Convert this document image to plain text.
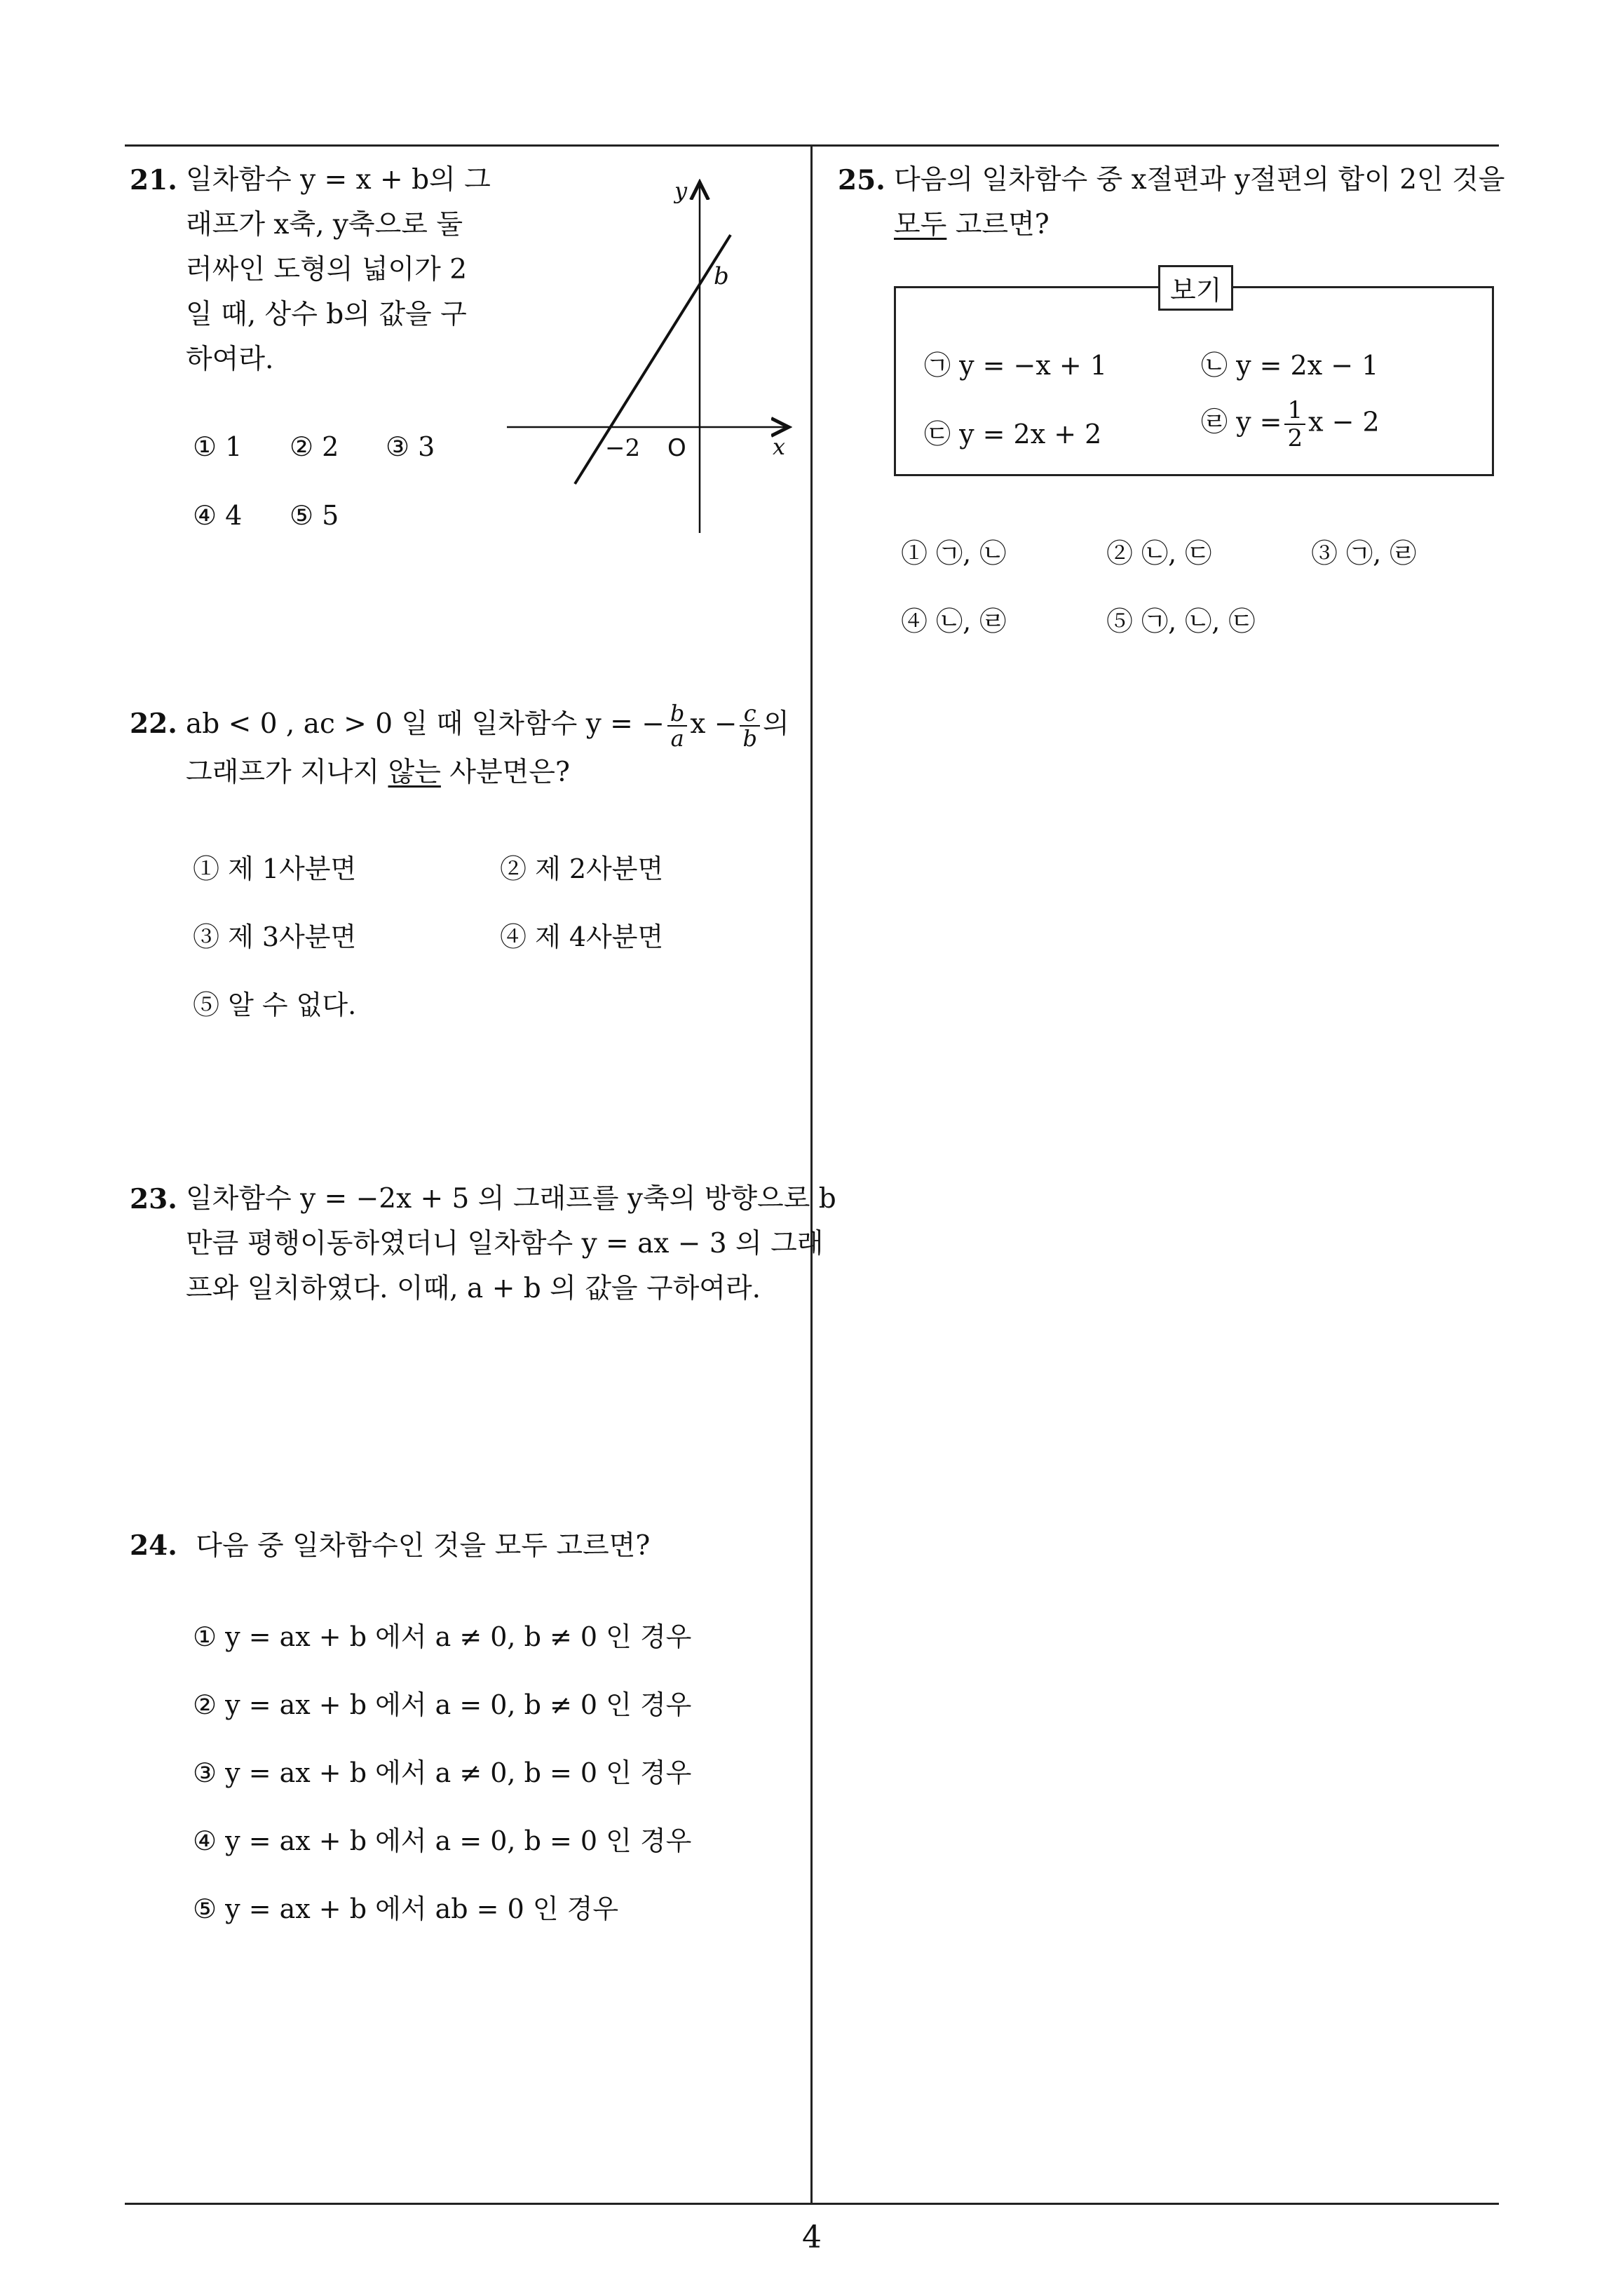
21. 일차함수 y = x + b의 그
래프가 x축, y축으로 둘
러싸인 도형의 넓이가 2
일 때, 상수 b의 값을 구
하여라.
① 1 ② 2 ③ 3
④ 4 ⑤ 5
y
x
b
−2 O
22. ab < 0 , ac > 0 일 때 일차함수 y = − $\frac{b}{a}$ $x - \frac{c}{b}$ 의
그래프가 지나지 않는 사분면은?
① 제 1사분면	② 제 2사분면
③ 제 3사분면	④ 제 4사분면
⑤ 알 수 없다.
23. 일차함수 y = −2x + 5 의 그래프를 y축의 방향으로 b
만큼 평행이동하였더니 일차함수 y = ax − 3 의 그래
프와 일치하였다. 이때, a + b 의 값을 구하여라.
24. 다음 중 일차함수인 것을 모두 고르면?
① y = ax + b 에서 a ≠ 0, b ≠ 0 인 경우
② y = ax + b 에서 a = 0, b ≠ 0 인 경우
③ y = ax + b 에서 a ≠ 0, b = 0 인 경우
④ y = ax + b 에서 a = 0, b = 0 인 경우
⑤ y = ax + b 에서 ab = 0 인 경우
25. 다음의 일차함수 중 x절편과 y절편의 합이 2인 것을
모두 고르면?
보기
㉠ y = −x + 1	㉡ y = 2x − 1
㉢ y = 2x + 2	㉣ $y = \frac{1}{2}$ x − 2
① ㉠, ㉡	② ㉡, ㉢	③ ㉠, ㉣
④ ㉡, ㉣	⑤ ㉠, ㉡, ㉢
4
